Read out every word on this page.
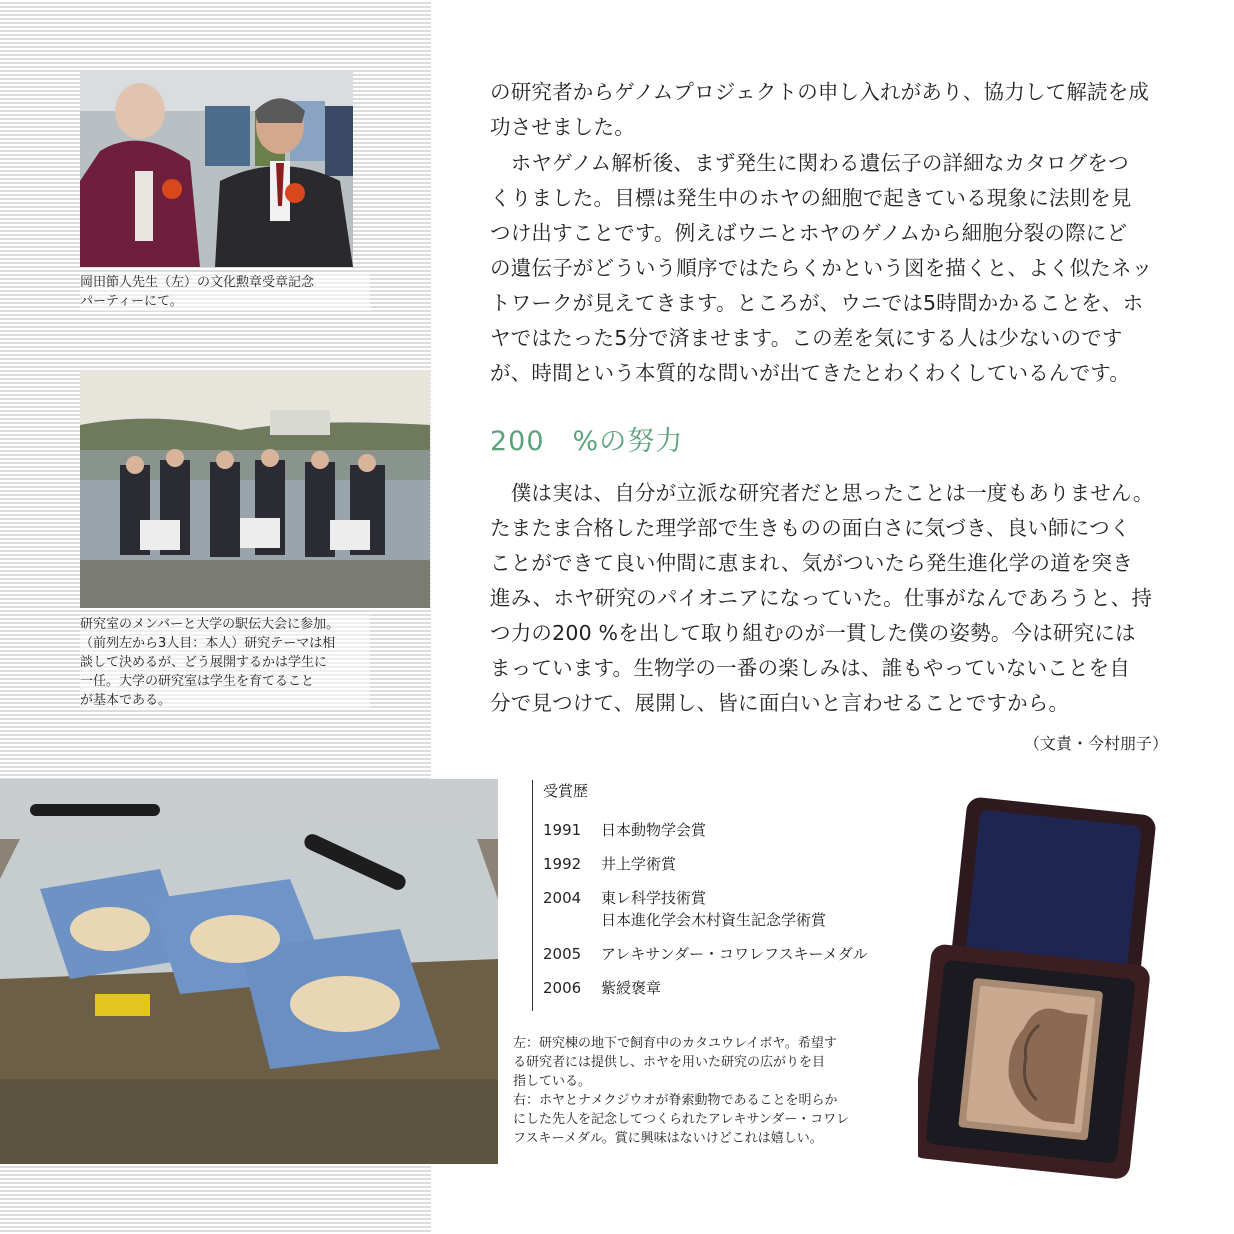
岡田節人先生（左）の文化勲章受章記念
パーティーにて。
研究室のメンバーと大学の駅伝大会に参加。
（前列左から3人目：本人）研究テーマは相
談して決めるが、どう展開するかは学生に
一任。大学の研究室は学生を育てること
が基本である。

の研究者からゲノムプロジェクトの申し入れがあり、協力して解読を成

功させました。

　ホヤゲノム解析後、まず発生に関わる遺伝子の詳細なカタログをつ

くりました。目標は発生中のホヤの細胞で起きている現象に法則を見

つけ出すことです。例えばウニとホヤのゲノムから細胞分裂の際にど

の遺伝子がどういう順序ではたらくかという図を描くと、よく似たネッ

トワークが見えてきます。ところが、ウニでは5時間かかることを、ホ

ヤではたった5分で済ませます。この差を気にする人は少ないのです

が、時間という本質的な問いが出てきたとわくわくしているんです。

200　%の努力

　僕は実は、自分が立派な研究者だと思ったことは一度もありません。

たまたま合格した理学部で生きものの面白さに気づき、良い師につく

ことができて良い仲間に恵まれ、気がついたら発生進化学の道を突き

進み、ホヤ研究のパイオニアになっていた。仕事がなんであろうと、持

つ力の200 %を出して取り組むのが一貫した僕の姿勢。今は研究には

まっています。生物学の一番の楽しみは、誰もやっていないことを自

分で見つけて、展開し、皆に面白いと言わせることですから。

（文責・今村朋子）
受賞歴
1991	日本動物学会賞
1992	井上学術賞
2004	東レ科学技術賞
日本進化学会木村資生記念学術賞
2005	アレキサンダー・コワレフスキーメダル
2006	紫綬褒章
左：研究棟の地下で飼育中のカタユウレイボヤ。希望す
る研究者には提供し、ホヤを用いた研究の広がりを目
指している。
右：ホヤとナメクジウオが脊索動物であることを明らか
にした先人を記念してつくられたアレキサンダー・コワレ
フスキーメダル。賞に興味はないけどこれは嬉しい。
